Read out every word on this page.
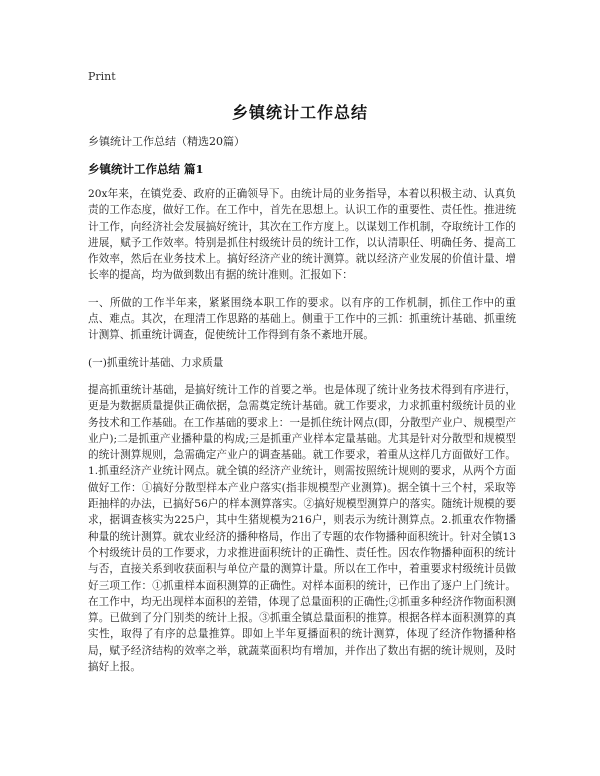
Print
乡镇统计工作总结
乡镇统计工作总结（精选20篇）
乡镇统计工作总结 篇1

20x年来，在镇党委、政府的正确领导下。由统计局的业务指导，本着以积极主动、认真负责的工作态度，做好工作。在工作中，首先在思想上。认识工作的重要性、责任性。推进统计工作，向经济社会发展搞好统计，其次在工作方度上。以谋划工作机制，夺取统计工作的进展，赋予工作效率。特别是抓住村级统计员的统计工作，以认清职任、明确任务、提高工作效率，然后在业务技术上。搞好经济产业的统计测算。就以经济产业发展的价值计量、增长率的提高，均为做到数出有据的统计准则。汇报如下：

一、所做的工作半年来，紧紧围绕本职工作的要求。以有序的工作机制，抓住工作中的重点、难点。其次，在理清工作思路的基础上。侧重于工作中的三抓：抓重统计基础、抓重统计测算、抓重统计调查，促使统计工作得到有条不紊地开展。

(一)抓重统计基础、力求质量

提高抓重统计基础，是搞好统计工作的首要之举。也是体现了统计业务技术得到有序进行，更是为数据质量提供正确依据，急需奠定统计基础。就工作要求，力求抓重村级统计员的业务技术和工作基础。在工作基础的要求上：一是抓住统计网点(即，分散型产业户、规模型产业户);二是抓重产业播种量的构成;三是抓重产业样本定量基础。尤其是针对分散型和规模型的统计测算规则，急需确定产业户的调查基础。就工作要求，着重从这样几方面做好工作。1.抓重经济产业统计网点。就全镇的经济产业统计，则需按照统计规则的要求，从两个方面做好工作：①搞好分散型样本产业户落实(指非规模型产业测算)。据全镇十三个村，采取等距抽样的办法，已搞好56户的样本测算落实。②搞好规模型测算户的落实。随统计规模的要求，据调查核实为225户，其中生猪规模为216户，则表示为统计测算点。2.抓重农作物播种量的统计测算。就农业经济的播种格局，作出了专题的农作物播种面积统计。针对全镇13个村级统计员的工作要求，力求推进面积统计的正确性、责任性。因农作物播种面积的统计与否，直接关系到收获面积与单位产量的测算计量。所以在工作中，着重要求村级统计员做好三项工作：①抓重样本面积测算的正确性。对样本面积的统计，已作出了逐户上门统计。在工作中，均无出现样本面积的差错，体现了总量面积的正确性;②抓重多种经济作物面积测算。已做到了分门别类的统计上报。③抓重全镇总量面积的推算。根据各样本面积测算的真实性，取得了有序的总量推算。即如上半年夏播面积的统计测算，体现了经济作物播种格局，赋予经济结构的效率之举，就蔬菜面积均有增加，并作出了数出有据的统计规则，及时搞好上报。
